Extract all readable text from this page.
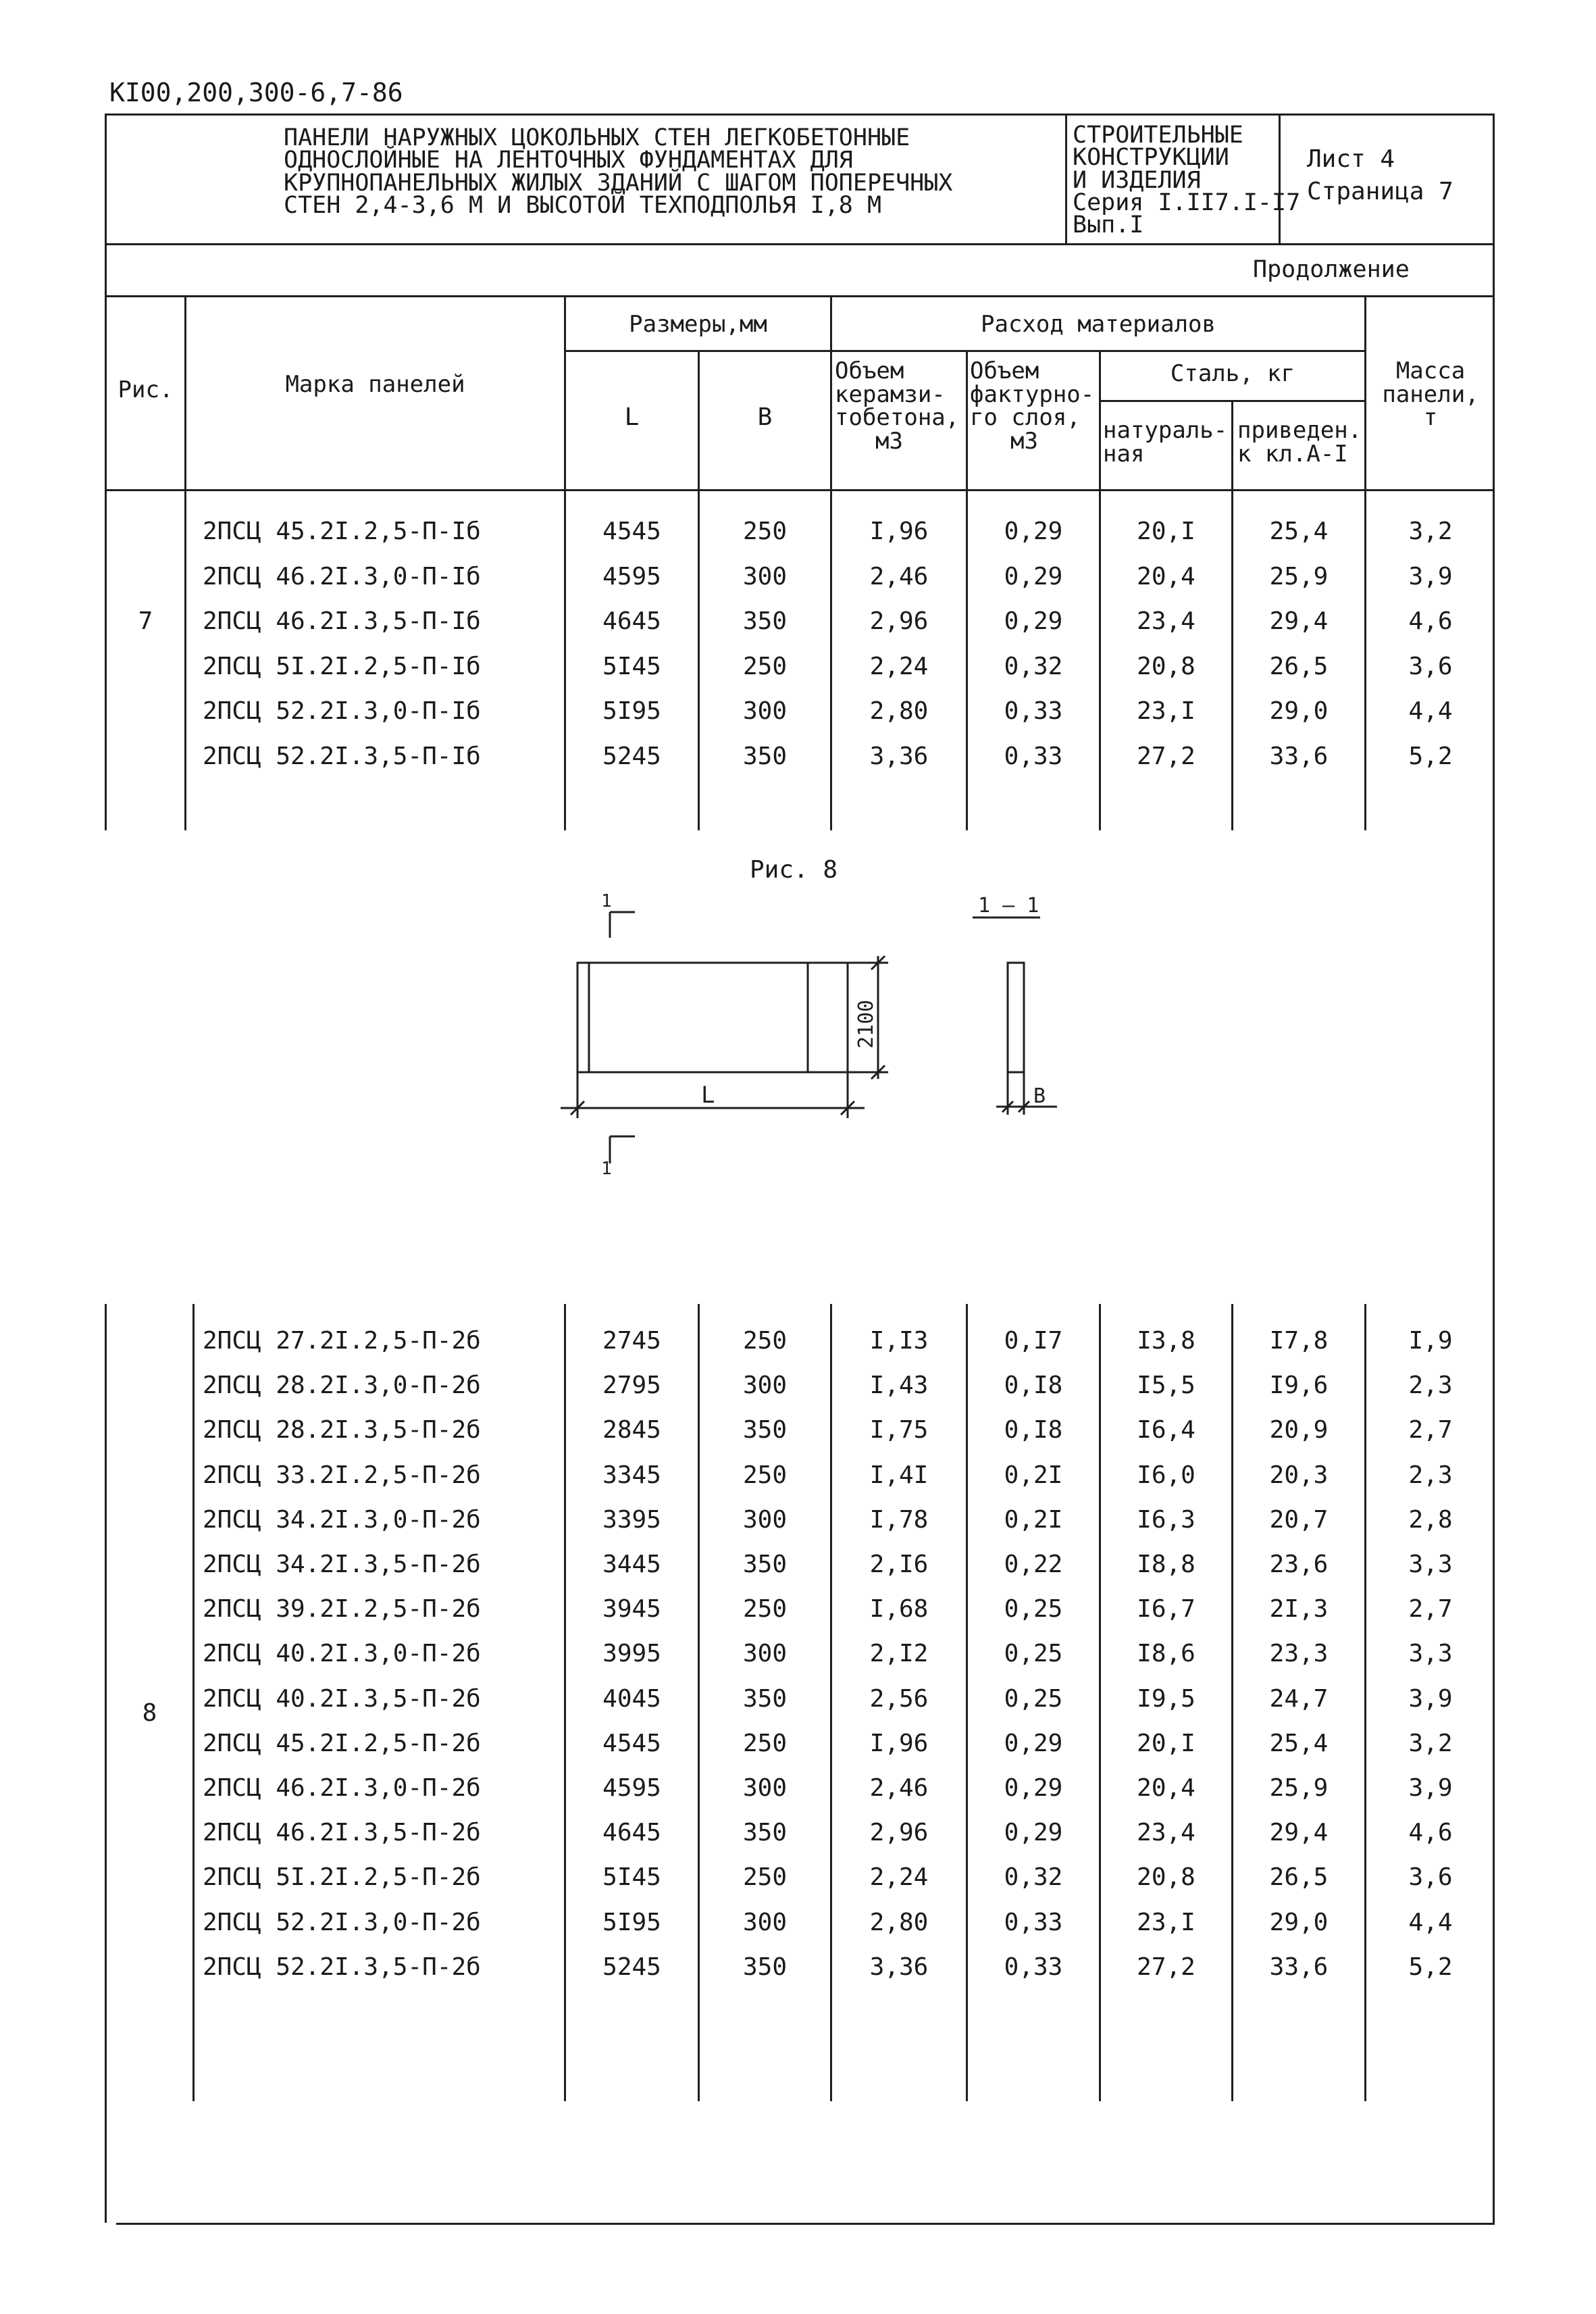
КI00,200,300-6,7-86
ПАНЕЛИ НАРУЖНЫХ ЦОКОЛЬНЫХ СТЕН ЛЕГКОБЕТОННЫЕ
ОДНОСЛОЙНЫЕ НА ЛЕНТОЧНЫХ ФУНДАМЕНТАХ ДЛЯ
КРУПНОПАНЕЛЬНЫХ ЖИЛЫХ ЗДАНИЙ С ШАГОМ ПОПЕРЕЧНЫХ
СТЕН 2,4-3,6 М И ВЫСОТОЙ ТЕХПОДПОЛЬЯ I,8 М
СТРОИТЕЛЬНЫЕ
КОНСТРУКЦИИ
И ИЗДЕЛИЯ
Серия I.II7.I-I7
Вып.I
Лист 4
Страница 7
Продолжение
Рис.	Марка панелей
Размеры,мм
L	B
Расход материалов
Объем
керамзи-
тобетона,
м3
Объем
фактурно-
го слоя,
м3
Сталь, кг
натураль-
ная
приведен.
к кл.А-I
Масса
панели,
т
7
2ПСЦ 45.2I.2,5-П-Iб	4545	250	I,96	0,29	20,I	25,4	3,2
2ПСЦ 46.2I.3,0-П-Iб	4595	300	2,46	0,29	20,4	25,9	3,9
2ПСЦ 46.2I.3,5-П-Iб	4645	350	2,96	0,29	23,4	29,4	4,6
2ПСЦ 5I.2I.2,5-П-Iб	5I45	250	2,24	0,32	20,8	26,5	3,6
2ПСЦ 52.2I.3,0-П-Iб	5I95	300	2,80	0,33	23,I	29,0	4,4
2ПСЦ 52.2I.3,5-П-Iб	5245	350	3,36	0,33	27,2	33,6	5,2
Рис. 8
1
1
1 — 1
L	B
2100
8
2ПСЦ 27.2I.2,5-П-2б	2745	250	I,I3	0,I7	I3,8	I7,8	I,9
2ПСЦ 28.2I.3,0-П-2б	2795	300	I,43	0,I8	I5,5	I9,6	2,3
2ПСЦ 28.2I.3,5-П-2б	2845	350	I,75	0,I8	I6,4	20,9	2,7
2ПСЦ 33.2I.2,5-П-2б	3345	250	I,4I	0,2I	I6,0	20,3	2,3
2ПСЦ 34.2I.3,0-П-2б	3395	300	I,78	0,2I	I6,3	20,7	2,8
2ПСЦ 34.2I.3,5-П-2б	3445	350	2,I6	0,22	I8,8	23,6	3,3
2ПСЦ 39.2I.2,5-П-2б	3945	250	I,68	0,25	I6,7	2I,3	2,7
2ПСЦ 40.2I.3,0-П-2б	3995	300	2,I2	0,25	I8,6	23,3	3,3
2ПСЦ 40.2I.3,5-П-2б	4045	350	2,56	0,25	I9,5	24,7	3,9
2ПСЦ 45.2I.2,5-П-2б	4545	250	I,96	0,29	20,I	25,4	3,2
2ПСЦ 46.2I.3,0-П-2б	4595	300	2,46	0,29	20,4	25,9	3,9
2ПСЦ 46.2I.3,5-П-2б	4645	350	2,96	0,29	23,4	29,4	4,6
2ПСЦ 5I.2I.2,5-П-2б	5I45	250	2,24	0,32	20,8	26,5	3,6
2ПСЦ 52.2I.3,0-П-2б	5I95	300	2,80	0,33	23,I	29,0	4,4
2ПСЦ 52.2I.3,5-П-2б	5245	350	3,36	0,33	27,2	33,6	5,2
